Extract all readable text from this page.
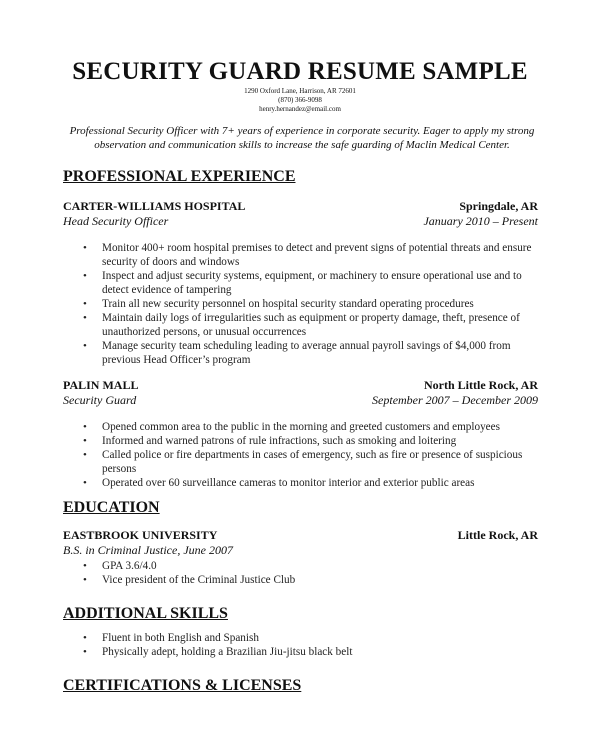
SECURITY GUARD RESUME SAMPLE
1290 Oxford Lane, Harrison, AR 72601
(870) 366-9098
henry.hernandez@email.com
Professional Security Officer with 7+ years of experience in corporate security. Eager to apply my strong observation and communication skills to increase the safe guarding of Maclin Medical Center.
PROFESSIONAL EXPERIENCE
CARTER-WILLIAMS HOSPITAL	Springdale, AR
Head Security Officer	January 2010 – Present
• Monitor 400+ room hospital premises to detect and prevent signs of potential threats and ensure security of doors and windows
• Inspect and adjust security systems, equipment, or machinery to ensure operational use and to detect evidence of tampering
• Train all new security personnel on hospital security standard operating procedures
• Maintain daily logs of irregularities such as equipment or property damage, theft, presence of unauthorized persons, or unusual occurrences
• Manage security team scheduling leading to average annual payroll savings of $4,000 from previous Head Officer’s program
PALIN MALL	North Little Rock, AR
Security Guard	September 2007 – December 2009
• Opened common area to the public in the morning and greeted customers and employees
• Informed and warned patrons of rule infractions, such as smoking and loitering
• Called police or fire departments in cases of emergency, such as fire or presence of suspicious persons
• Operated over 60 surveillance cameras to monitor interior and exterior public areas
EDUCATION
EASTBROOK UNIVERSITY	Little Rock, AR
B.S. in Criminal Justice, June 2007
• GPA 3.6/4.0
• Vice president of the Criminal Justice Club
ADDITIONAL SKILLS
• Fluent in both English and Spanish
• Physically adept, holding a Brazilian Jiu-jitsu black belt
CERTIFICATIONS & LICENSES
